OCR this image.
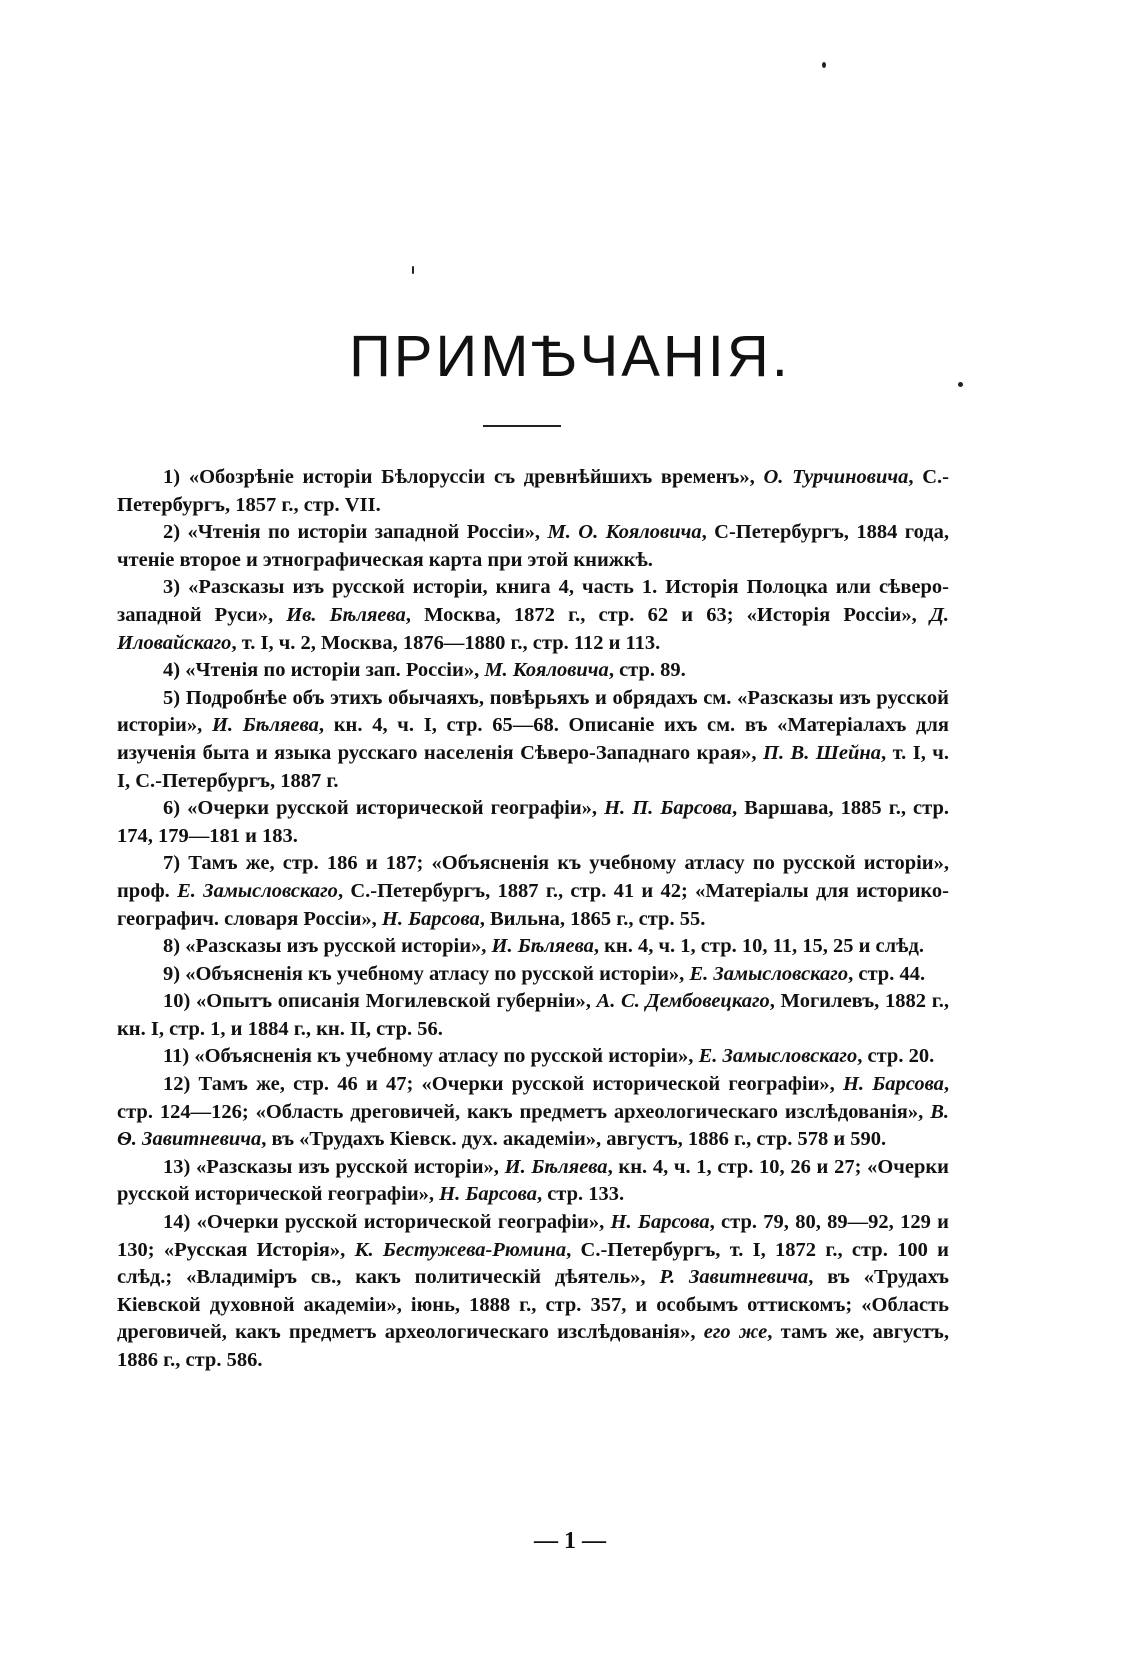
ПРИМѢЧАНІЯ.

1) «Обозрѣніе исторіи Бѣлоруссіи съ древнѣйшихъ временъ», О. Турчиновича, С.-Петербургъ, 1857 г., стр. VII.

2) «Чтенія по исторіи западной Россіи», М. О. Кояловича, С-Петербургъ, 1884 года, чтеніе второе и этнографическая карта при этой книжкѣ.

3) «Разсказы изъ русской исторіи, книга 4, часть 1. Исторія Полоцка или сѣверо-западной Руси», Ив. Бѣляева, Москва, 1872 г., стр. 62 и 63; «Исторія Россіи», Д. Иловайскаго, т. I, ч. 2, Москва, 1876—1880 г., стр. 112 и 113.

4) «Чтенія по исторіи зап. Россіи», М. Кояловича, стр. 89.

5) Подробнѣе объ этихъ обычаяхъ, повѣрьяхъ и обрядахъ см. «Разсказы изъ русской исторіи», И. Бѣляева, кн. 4, ч. I, стр. 65—68. Описаніе ихъ см. въ «Матеріалахъ для изученія быта и языка русскаго населенія Сѣверо-Западнаго края», П. В. Шейна, т. I, ч. I, С.-Петербургъ, 1887 г.

6) «Очерки русской исторической географіи», Н. П. Барсова, Варшава, 1885 г., стр. 174, 179—181 и 183.

7) Тамъ же, стр. 186 и 187; «Объясненія къ учебному атласу по русской исторіи», проф. Е. Замысловскаго, С.-Петербургъ, 1887 г., стр. 41 и 42; «Матеріалы для историко-географич. словаря Россіи», Н. Барсова, Вильна, 1865 г., стр. 55.

8) «Разсказы изъ русской исторіи», И. Бѣляева, кн. 4, ч. 1, стр. 10, 11, 15, 25 и слѣд.

9) «Объясненія къ учебному атласу по русской исторіи», Е. Замысловскаго, стр. 44.

10) «Опытъ описанія Могилевской губерніи», А. С. Дембовецкаго, Могилевъ, 1882 г., кн. I, стр. 1, и 1884 г., кн. II, стр. 56.

11) «Объясненія къ учебному атласу по русской исторіи», Е. Замысловскаго, стр. 20.

12) Тамъ же, стр. 46 и 47; «Очерки русской исторической географіи», Н. Барсова, стр. 124—126; «Область дреговичей, какъ предметъ археологическаго изслѣдованія», В. Ѳ. Завитневича, въ «Трудахъ Кіевск. дух. академіи», августъ, 1886 г., стр. 578 и 590.

13) «Разсказы изъ русской исторіи», И. Бѣляева, кн. 4, ч. 1, стр. 10, 26 и 27; «Очерки русской исторической географіи», Н. Барсова, стр. 133.

14) «Очерки русской исторической географіи», Н. Барсова, стр. 79, 80, 89—92, 129 и 130; «Русская Исторія», К. Бестужева-Рюмина, С.-Петербургъ, т. I, 1872 г., стр. 100 и слѣд.; «Владиміръ св., какъ политическій дѣятель», Р. Завитневича, въ «Трудахъ Кіевской духовной академіи», іюнь, 1888 г., стр. 357, и особымъ оттискомъ; «Область дреговичей, какъ предметъ археологическаго изслѣдованія», его же, тамъ же, августъ, 1886 г., стр. 586.

— 1 —
